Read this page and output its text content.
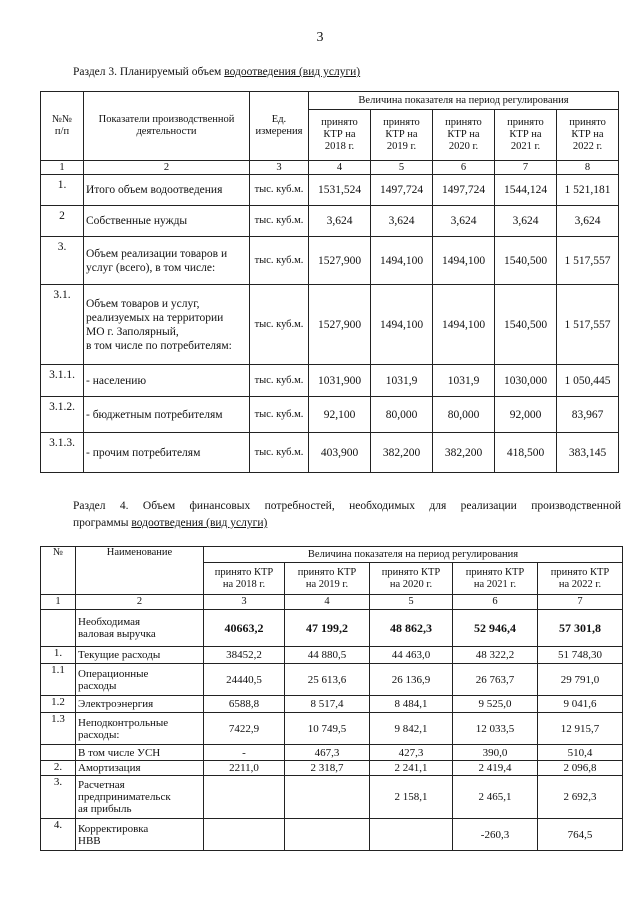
3
Раздел 3. Планируемый объем водоотведения (вид услуги)
№№
п/п	Показатели производственной
деятельности	Ед.
измерения	Величина показателя на период регулирования				
			принято
КТР на
2018 г.	принято
КТР на
2019 г.	принято
КТР на
2020 г.	принято
КТР на
2021 г.	принято
КТР на
2022 г.
1	2	3	4	5	6	7	8
1.	Итого объем водоотведения	тыс. куб.м.	1531,524	1497,724	1497,724	1544,124	1 521,181
2	Собственные нужды	тыс. куб.м.	3,624	3,624	3,624	3,624	3,624
3.	Объем реализации товаров и
услуг (всего), в том числе:	тыс. куб.м.	1527,900	1494,100	1494,100	1540,500	1 517,557
3.1.	Объем товаров и услуг,
реализуемых на территории
МО г. Заполярный,
в том числе по потребителям:	тыс. куб.м.	1527,900	1494,100	1494,100	1540,500	1 517,557
3.1.1.	- населению	тыс. куб.м.	1031,900	1031,9	1031,9	1030,000	1 050,445
3.1.2.	- бюджетным потребителям	тыс. куб.м.	92,100	80,000	80,000	92,000	83,967
3.1.3.	- прочим потребителям	тыс. куб.м.	403,900	382,200	382,200	418,500	383,145
Раздел 4. Объем финансовых потребностей, необходимых для реализации производственной
программы водоотведения (вид услуги)
№	Наименование	Величина показателя на период регулирования				
		принято КТР
на 2018 г.	принято КТР
на 2019 г.	принято КТР
на 2020 г.	принято КТР
на 2021 г.	принято КТР
на 2022 г.
1	2	3	4	5	6	7
	Необходимая
валовая выручка	40663,2	47 199,2	48 862,3	52 946,4	57 301,8
1.	Текущие расходы	38452,2	44 880,5	44 463,0	48 322,2	51 748,30
1.1	Операционные
расходы	24440,5	25 613,6	26 136,9	26 763,7	29 791,0
1.2	Электроэнергия	6588,8	8 517,4	8 484,1	9 525,0	9 041,6
1.3	Неподконтрольные
расходы:	7422,9	10 749,5	9 842,1	12 033,5	12 915,7
	В том числе УСН	-	467,3	427,3	390,0	510,4
2.	Амортизация	2211,0	2 318,7	2 241,1	2 419,4	2 096,8
3.	Расчетная
предпринимательск
ая прибыль			2 158,1	2 465,1	2 692,3
4.	Корректировка
НВВ				-260,3	764,5
